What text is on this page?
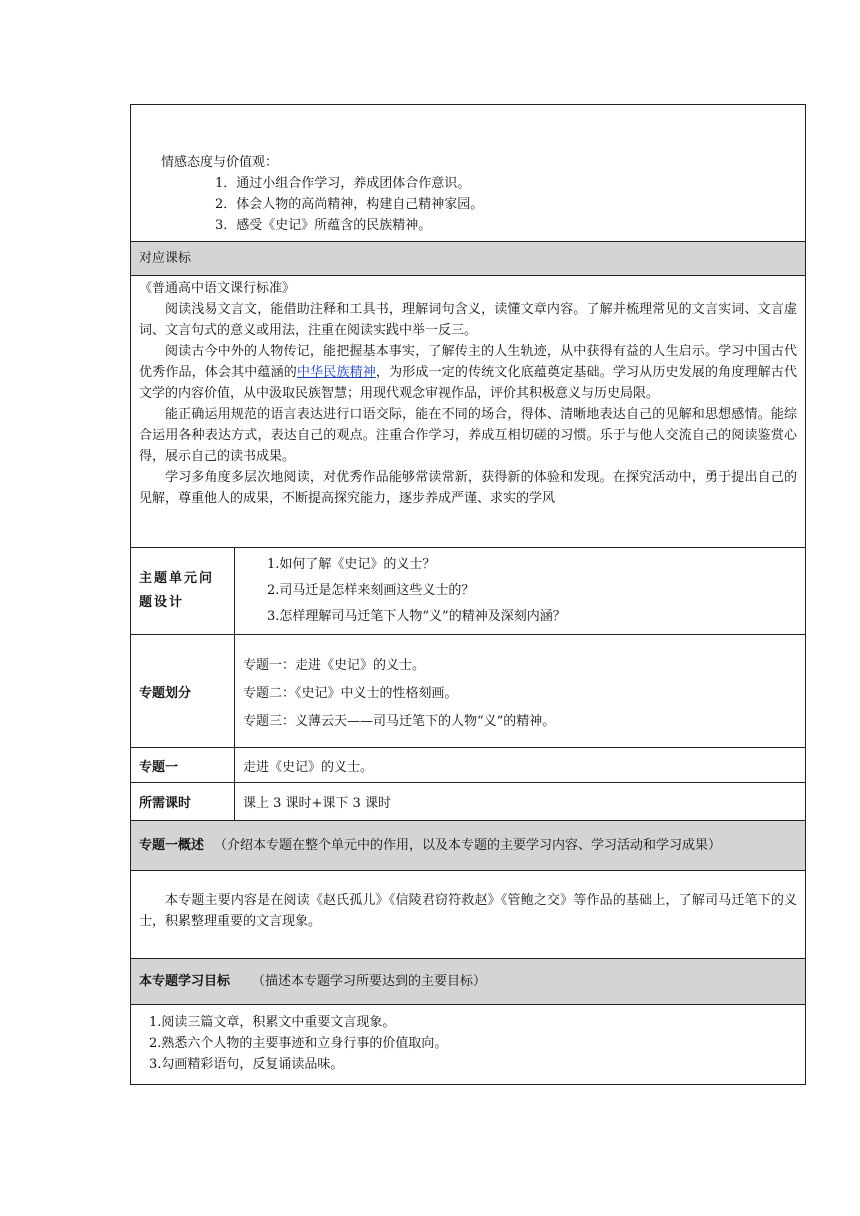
情感态度与价值观：

1．通过小组合作学习，养成团体合作意识。

2．体会人物的高尚精神，构建自己精神家园。

3．感受《史记》所蕴含的民族精神。

对应课标

《普通高中语文课行标准》

阅读浅易文言文，能借助注释和工具书，理解词句含义，读懂文章内容。了解并梳理常见的文言实词、文言虚词、文言句式的意义或用法，注重在阅读实践中举一反三。

阅读古今中外的人物传记，能把握基本事实，了解传主的人生轨迹，从中获得有益的人生启示。学习中国古代优秀作品，体会其中蕴涵的中华民族精神，为形成一定的传统文化底蕴奠定基础。学习从历史发展的角度理解古代文学的内容价值，从中汲取民族智慧；用现代观念审视作品，评价其积极意义与历史局限。

能正确运用规范的语言表达进行口语交际，能在不同的场合，得体、清晰地表达自己的见解和思想感情。能综合运用各种表达方式，表达自己的观点。注重合作学习，养成互相切磋的习惯。乐于与他人交流自己的阅读鉴赏心得，展示自己的读书成果。

学习多角度多层次地阅读，对优秀作品能够常读常新，获得新的体验和发现。在探究活动中，勇于提出自己的见解，尊重他人的成果，不断提高探究能力，逐步养成严谨、求实的学风

主题单元问题设计

1.如何了解《史记》的义士？

2.司马迁是怎样来刻画这些义士的？

3.怎样理解司马迁笔下人物“义”的精神及深刻内涵？

专题划分

专题一：走进《史记》的义士。

专题二：《史记》中义士的性格刻画。

专题三：义薄云天——司马迁笔下的人物“义”的精神。

专题一	走进《史记》的义士。
所需课时	课上 3 课时+课下 3 课时
专题一概述 （介绍本专题在整个单元中的作用，以及本专题的主要学习内容、学习活动和学习成果）

本专题主要内容是在阅读《赵氏孤儿》《信陵君窃符救赵》《管鲍之交》等作品的基础上，了解司马迁笔下的义士，积累整理重要的文言现象。

本专题学习目标 （描述本专题学习所要达到的主要目标）

1.阅读三篇文章，积累文中重要文言现象。

2.熟悉六个人物的主要事迹和立身行事的价值取向。

3.勾画精彩语句，反复诵读品味。
